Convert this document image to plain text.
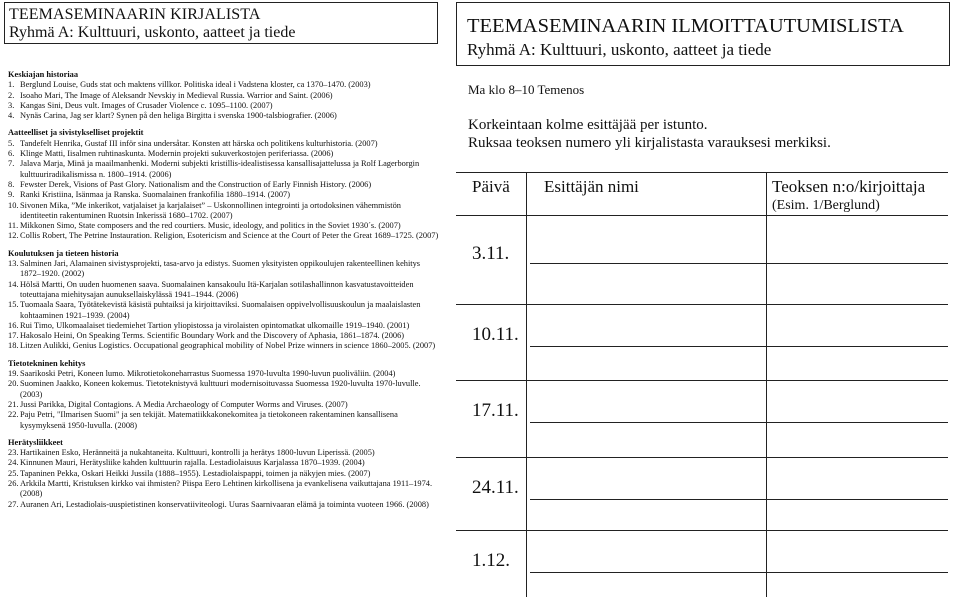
TEEMASEMINAARIN KIRJALISTA
Ryhmä A: Kulttuuri, uskonto, aatteet ja tiede
Keskiajan historiaa
1. Berglund Louise, Guds stat och maktens villkor. Politiska ideal i Vadstena kloster, ca 1370–1470. (2003)
2. Isoaho Mari, The Image of Aleksandr Nevskiy in Medieval Russia. Warrior and Saint. (2006)
3. Kangas Sini, Deus vult. Images of Crusader Violence c. 1095–1100. (2007)
4. Nynäs Carina, Jag ser klart? Synen på den heliga Birgitta i svenska 1900-talsbiografier. (2006)
Aatteelliset ja sivistykselliset projektit
5. Tandefelt Henrika, Gustaf III inför sina undersåtar. Konsten att härska och politikens kulturhistoria. (2007)
6. Klinge Matti, Iisalmen ruhtinaskunta. Modernin projekti sukuverkostojen periferiassa. (2006)
7. Jalava Marja, Minä ja maailmanhenki. Moderni subjekti kristillis-idealistisessa kansallisajattelussa ja Rolf Lagerborgin kulttuuriradikalismissa n. 1800–1914. (2006)
8. Fewster Derek, Visions of Past Glory. Nationalism and the Construction of Early Finnish History. (2006)
9. Ranki Kristiina, Isänmaa ja Ranska. Suomalainen frankofilia 1880–1914. (2007)
10. Sivonen Mika, ”Me inkerikot, vatjalaiset ja karjalaiset” – Uskonnollinen integrointi ja ortodoksinen vähemmistön identiteetin rakentuminen Ruotsin Inkerissä 1680–1702. (2007)
11. Mikkonen Simo, State composers and the red courtiers. Music, ideology, and politics in the Soviet 1930´s. (2007)
12. Collis Robert, The Petrine Instauration. Religion, Esotericism and Science at the Court of Peter the Great 1689–1725. (2007)
Koulutuksen ja tieteen historia
13. Salminen Jari, Alamainen sivistysprojekti, tasa-arvo ja edistys. Suomen yksityisten oppikoulujen rakenteellinen kehitys 1872–1920. (2002)
14. Hölsä Martti, On uuden huomenen saava. Suomalainen kansakoulu Itä-Karjalan sotilashallinnon kasvatustavoitteiden toteuttajana miehitysajan aunuksellaiskylässä 1941–1944. (2006)
15. Tuomaala Saara, Työtätekevistä käsistä puhtaiksi ja kirjoittaviksi. Suomalaisen oppivelvollisuuskoulun ja maalaislasten kohtaaminen 1921–1939. (2004)
16. Rui Timo, Ulkomaalaiset tiedemiehet Tartion yliopistossa ja virolaisten opintomatkat ulkomaille 1919–1940. (2001)
17. Hakosalo Heini, On Speaking Terms. Scientific Boundary Work and the Discovery of Aphasia, 1861–1874. (2006)
18. Litzen Aulikki, Genius Logistics. Occupational geographical mobility of Nobel Prize winners in science 1860–2005. (2007)
Tietotekninen kehitys
19. Saarikoski Petri, Koneen lumo. Mikrotietokoneharrastus Suomessa 1970-luvulta 1990-luvun puoliväliin. (2004)
20. Suominen Jaakko, Koneen kokemus. Tietoteknistyvä kulttuuri modernisoituvassa Suomessa 1920-luvulta 1970-luvulle. (2003)
21. Jussi Parikka, Digital Contagions. A Media Archaeology of Computer Worms and Viruses. (2007)
22. Paju Petri, "Ilmarisen Suomi" ja sen tekijät. Matematiikkakonekomitea ja tietokoneen rakentaminen kansallisena kysymyksenä 1950-luvulla. (2008)
Herätysliikkeet
23. Hartikainen Esko, Heränneitä ja nukahtaneita. Kulttuuri, kontrolli ja herätys 1800-luvun Liperissä. (2005)
24. Kinnunen Mauri, Herätysliike kahden kulttuurin rajalla. Lestadiolaisuus Karjalassa 1870–1939. (2004)
25. Tapaninen Pekka, Oskari Heikki Jussila (1888–1955). Lestadiolaispappi, toimen ja näkyjen mies. (2007)
26. Arkkila Martti, Kristuksen kirkko vai ihmisten? Piispa Eero Lehtinen kirkollisena ja evankelisena vaikuttajana 1911–1974. (2008)
27. Auranen Ari, Lestadiolais-uuspietistinen konservatiiviteologi. Uuras Saarnivaaran elämä ja toiminta vuoteen 1966. (2008)
TEEMASEMINAARIN ILMOITTAUTUMISLISTA
Ryhmä A: Kulttuuri, uskonto, aatteet ja tiede
Ma klo 8–10 Temenos
Korkeintaan kolme esittäjää per istunto.
Ruksaa teoksen numero yli kirjalistasta varauksesi merkiksi.
Päivä Esittäjän nimi	Teoksen n:o/kirjoittaja
(Esim. 1/Berglund)
3.11.
10.11.
17.11.
24.11.
1.12.
